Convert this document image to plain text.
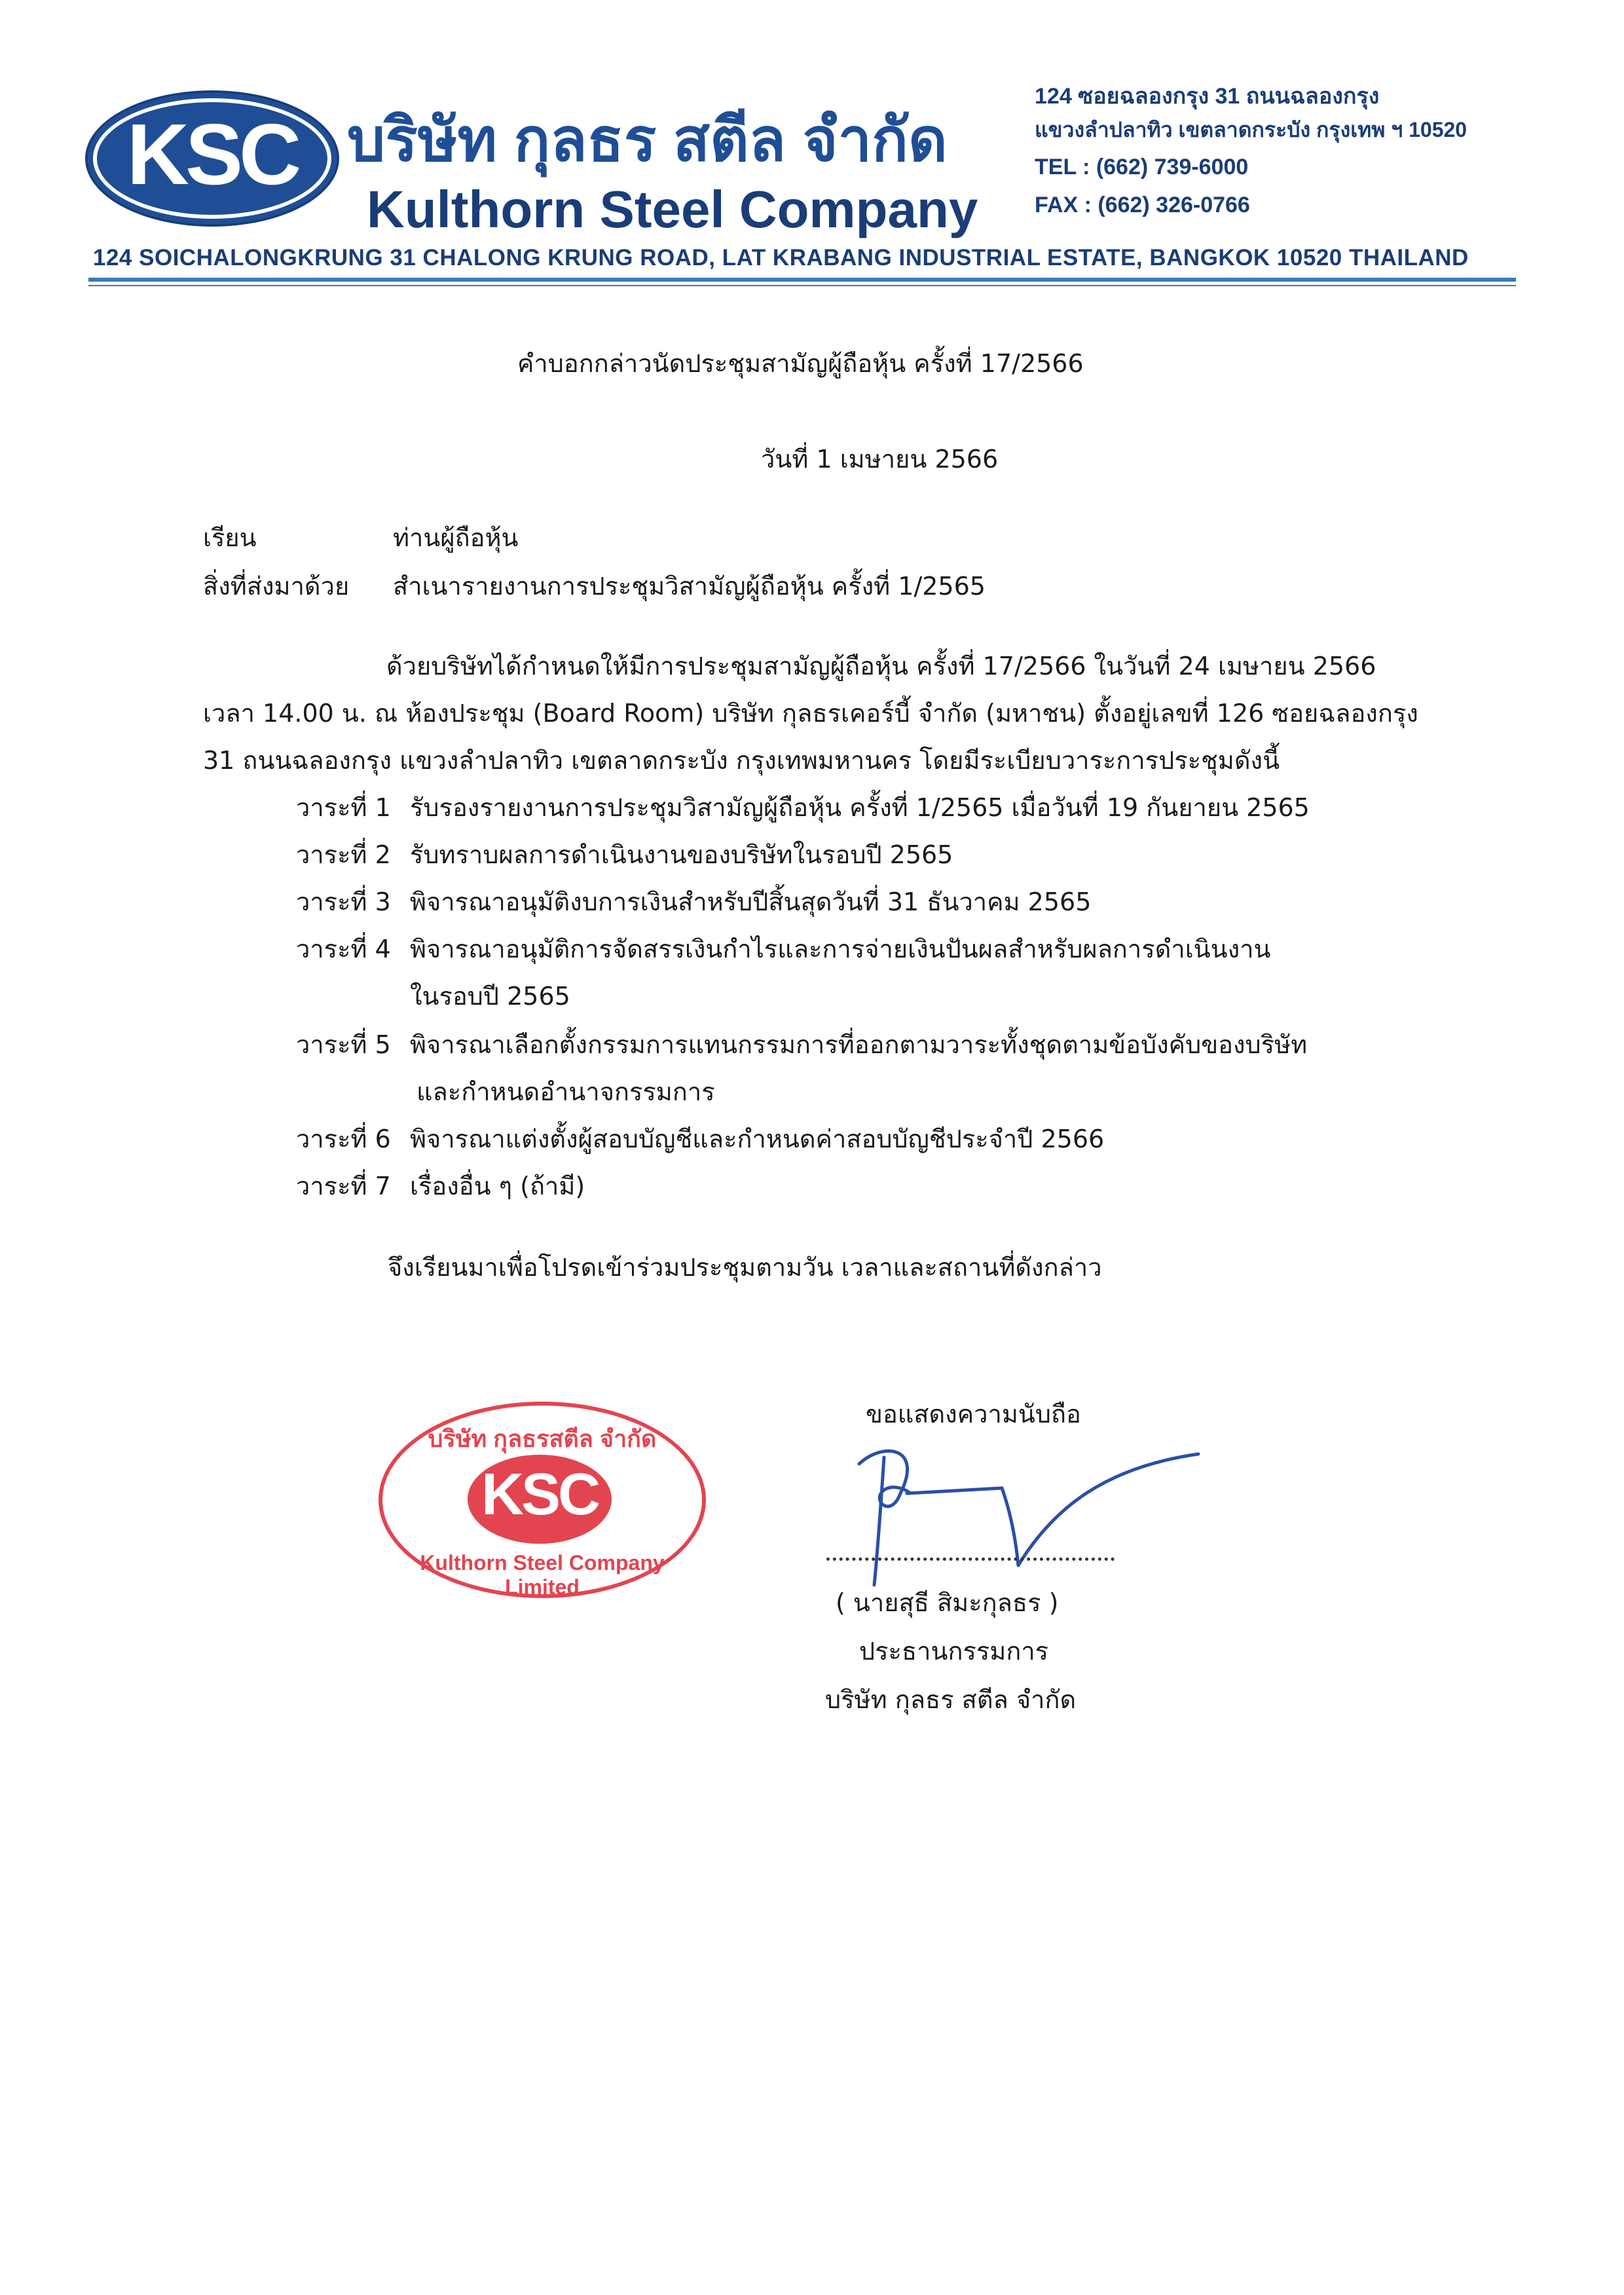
KSC บริษัท กุลธร สตีล จำกัด
Kulthorn Steel Company
124 ซอยฉลองกรุง 31 ถนนฉลองกรุง
แขวงลำปลาทิว เขตลาดกระบัง กรุงเทพ ฯ 10520
TEL : (662) 739-6000
FAX : (662) 326-0766
124 SOICHALONGKRUNG 31 CHALONG KRUNG ROAD, LAT KRABANG INDUSTRIAL ESTATE, BANGKOK 10520 THAILAND
คำบอกกล่าวนัดประชุมสามัญผู้ถือหุ้น ครั้งที่ 17/2566
วันที่ 1 เมษายน 2566
เรียน	ท่านผู้ถือหุ้น
สิ่งที่ส่งมาด้วย สำเนารายงานการประชุมวิสามัญผู้ถือหุ้น ครั้งที่ 1/2565
ด้วยบริษัทได้กำหนดให้มีการประชุมสามัญผู้ถือหุ้น ครั้งที่ 17/2566 ในวันที่ 24 เมษายน 2566
เวลา 14.00 น. ณ ห้องประชุม (Board Room) บริษัท กุลธรเคอร์บี้ จำกัด (มหาชน) ตั้งอยู่เลขที่ 126 ซอยฉลองกรุง
31 ถนนฉลองกรุง แขวงลำปลาทิว เขตลาดกระบัง กรุงเทพมหานคร โดยมีระเบียบวาระการประชุมดังนี้
วาระที่ 1 รับรองรายงานการประชุมวิสามัญผู้ถือหุ้น ครั้งที่ 1/2565 เมื่อวันที่ 19 กันยายน 2565
วาระที่ 2 รับทราบผลการดำเนินงานของบริษัทในรอบปี 2565
วาระที่ 3 พิจารณาอนุมัติงบการเงินสำหรับปีสิ้นสุดวันที่ 31 ธันวาคม 2565
วาระที่ 4 พิจารณาอนุมัติการจัดสรรเงินกำไรและการจ่ายเงินปันผลสำหรับผลการดำเนินงาน
ในรอบปี 2565
วาระที่ 5 พิจารณาเลือกตั้งกรรมการแทนกรรมการที่ออกตามวาระทั้งชุดตามข้อบังคับของบริษัท
และกำหนดอำนาจกรรมการ
วาระที่ 6 พิจารณาแต่งตั้งผู้สอบบัญชีและกำหนดค่าสอบบัญชีประจำปี 2566
วาระที่ 7 เรื่องอื่น ๆ (ถ้ามี)
จึงเรียนมาเพื่อโปรดเข้าร่วมประชุมตามวัน เวลาและสถานที่ดังกล่าว
ขอแสดงความนับถือ
( นายสุธี สิมะกุลธร )
ประธานกรรมการ
บริษัท กุลธร สตีล จำกัด
บริษัท กุลธรสตีล จำกัด
KSC
Kulthorn Steel Company Limited
